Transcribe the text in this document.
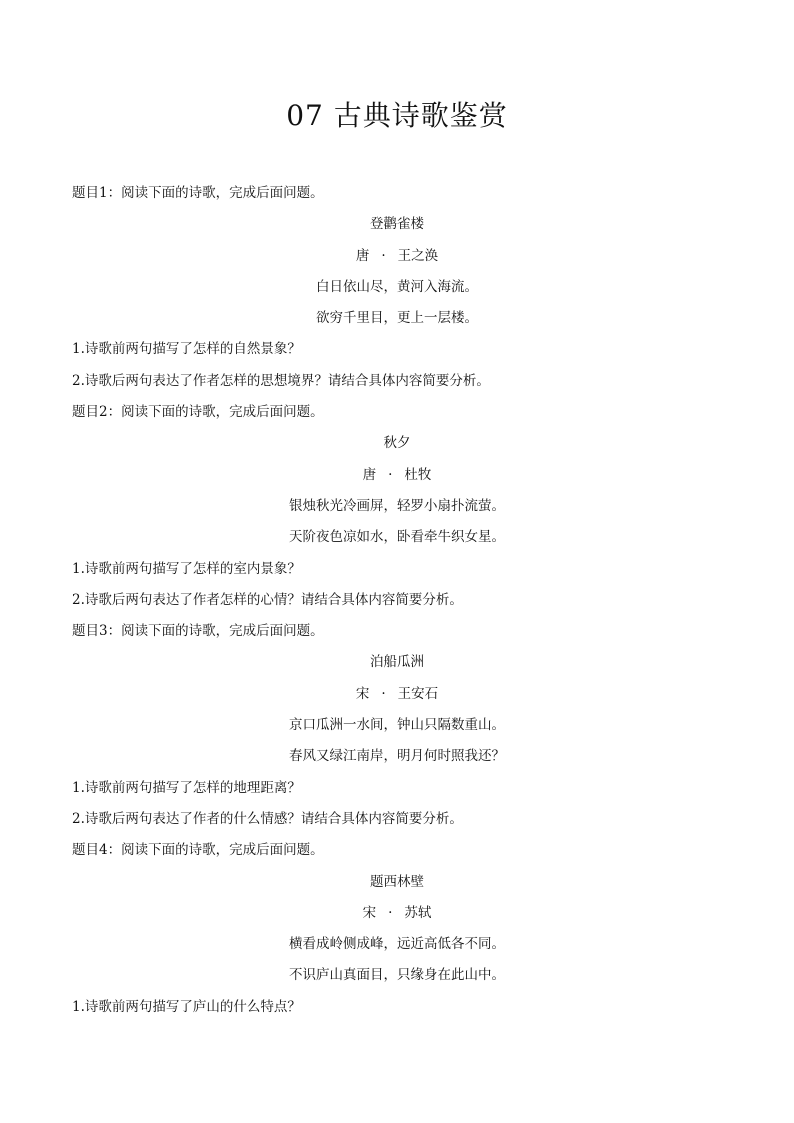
07 古典诗歌鉴赏
题目1：阅读下面的诗歌，完成后面问题。
登鹳雀楼
唐 · 王之涣
白日依山尽，黄河入海流。
欲穷千里目，更上一层楼。
1.诗歌前两句描写了怎样的自然景象？
2.诗歌后两句表达了作者怎样的思想境界？请结合具体内容简要分析。
题目2：阅读下面的诗歌，完成后面问题。
秋夕
唐 · 杜牧
银烛秋光冷画屏，轻罗小扇扑流萤。
天阶夜色凉如水，卧看牵牛织女星。
1.诗歌前两句描写了怎样的室内景象？
2.诗歌后两句表达了作者怎样的心情？请结合具体内容简要分析。
题目3：阅读下面的诗歌，完成后面问题。
泊船瓜洲
宋 · 王安石
京口瓜洲一水间，钟山只隔数重山。
春风又绿江南岸，明月何时照我还？
1.诗歌前两句描写了怎样的地理距离？
2.诗歌后两句表达了作者的什么情感？请结合具体内容简要分析。
题目4：阅读下面的诗歌，完成后面问题。
题西林壁
宋 · 苏轼
横看成岭侧成峰，远近高低各不同。
不识庐山真面目，只缘身在此山中。
1.诗歌前两句描写了庐山的什么特点？
